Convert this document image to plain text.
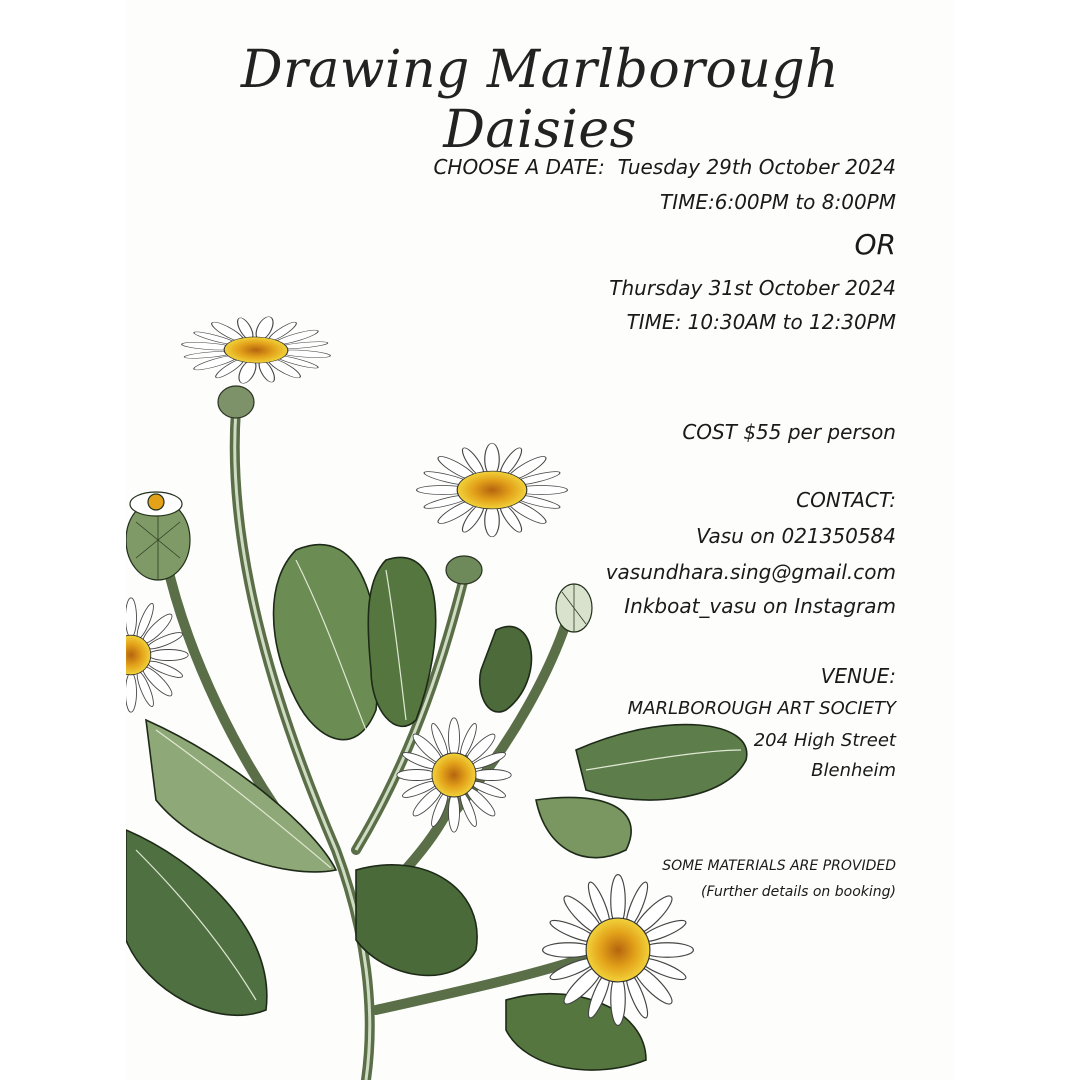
Drawing Marlborough Daisies
CHOOSE A DATE: Tuesday 29th October 2024
TIME:6:00PM to 8:00PM
OR
Thursday 31st October 2024
TIME: 10:30AM to 12:30PM
COST $55 per person
CONTACT:
Vasu on 021350584
vasundhara.sing@gmail.com
Inkboat_vasu on Instagram
VENUE:
MARLBOROUGH ART SOCIETY
204 High Street
Blenheim
SOME MATERIALS ARE PROVIDED
(Further details on booking)
